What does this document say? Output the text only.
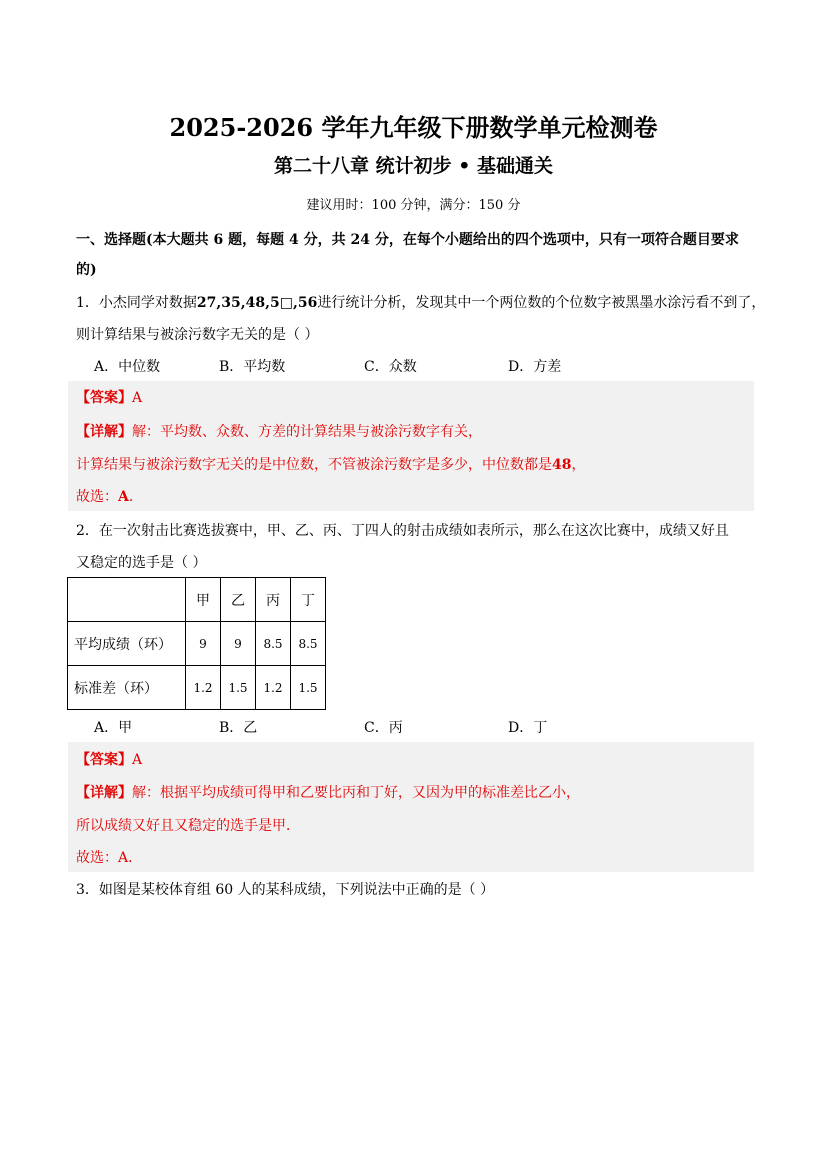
2025-2026 学年九年级下册数学单元检测卷
第二十八章 统计初步 • 基础通关
建议用时：100 分钟，满分：150 分
一、选择题(本大题共 6 题，每题 4 分，共 24 分，在每个小题给出的四个选项中，只有一项符合题目要求
的)
1．小杰同学对数据27,35,48,5□,56进行统计分析，发现其中一个两位数的个位数字被黑墨水涂污看不到了，
则计算结果与被涂污数字无关的是（ ）
A．中位数	B．平均数	C．众数	D．方差
【答案】A
【详解】解：平均数、众数、方差的计算结果与被涂污数字有关，
计算结果与被涂污数字无关的是中位数，不管被涂污数字是多少，中位数都是48，
故选：A．
2．在一次射击比赛选拔赛中，甲、乙、丙、丁四人的射击成绩如表所示，那么在这次比赛中，成绩又好且
又稳定的选手是（ ）
	甲	乙	丙	丁
平均成绩（环）	9	9	8.5	8.5
标准差（环）	1.2	1.5	1.2	1.5
A．甲	B．乙	C．丙	D．丁
【答案】A
【详解】解：根据平均成绩可得甲和乙要比丙和丁好，又因为甲的标准差比乙小，
所以成绩又好且又稳定的选手是甲．
故选：A．
3．如图是某校体育组 60 人的某科成绩，下列说法中正确的是（ ）
